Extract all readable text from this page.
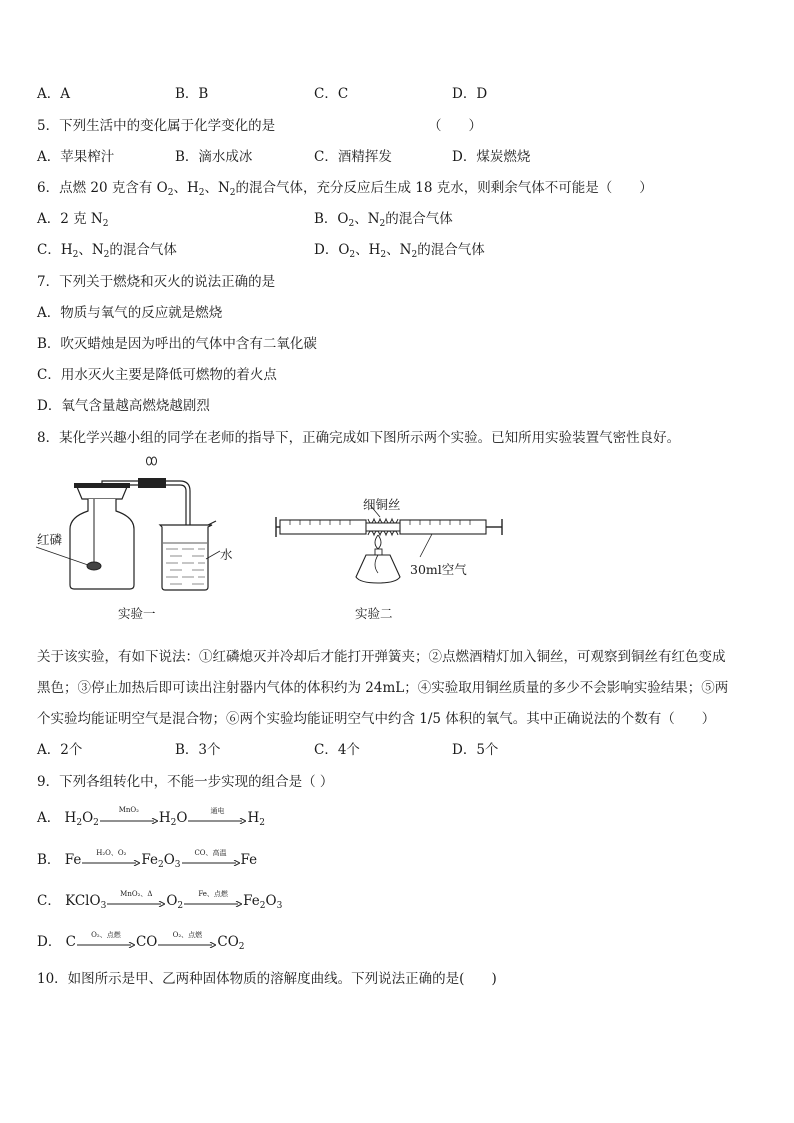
A．A	B．B	C．C	D．D
5．下列生活中的变化属于化学变化的是	（　　）
A．苹果榨汁	B．滴水成冰	C．酒精挥发	D．煤炭燃烧
6．点燃 20 克含有 $O_2$、$H_2$、$N_2$的混合气体，充分反应后生成 18 克水，则剩余气体不可能是（　　）
A．2 克 $N_2$	B．$O_2$、$N_2$的混合气体
C．$H_2$、$N_2$的混合气体	D．$O_2$、$H_2$、$N_2$的混合气体
7．下列关于燃烧和灭火的说法正确的是
A．物质与氧气的反应就是燃烧
B．吹灭蜡烛是因为呼出的气体中含有二氧化碳
C．用水灭火主要是降低可燃物的着火点
D．氧气含量越高燃烧越剧烈
8．某化学兴趣小组的同学在老师的指导下，正确完成如下图所示两个实验。已知所用实验装置气密性良好。
红磷
水
实验一
细铜丝
30ml空气
实验二
关于该实验，有如下说法：①红磷熄灭并冷却后才能打开弹簧夹；②点燃酒精灯加入铜丝，可观察到铜丝有红色变成
黑色；③停止加热后即可读出注射器内气体的体积约为 24mL；④实验取用铜丝质量的多少不会影响实验结果；⑤两
个实验均能证明空气是混合物；⑥两个实验均能证明空气中约含 1/5 体积的氧气。其中正确说法的个数有（　　）
A．2个	B．3个	C．4个	D．5个
9．下列各组转化中，不能一步实现的组合是（ ）
A． $H_2O_2$
MnO₂
$H_2O$	通电	$H_2$
B． Fe	H₂O、O₂	$Fe_2O_3$
CO、高温	Fe
C． KClO$_3$
MnO₂、Δ	$O_2$
Fe、点燃	$Fe_2O_3$
D． C	O₂、点燃	CO	O₂、点燃	$CO_2$
10．如图所示是甲、乙两种固体物质的溶解度曲线。下列说法正确的是(　　)
